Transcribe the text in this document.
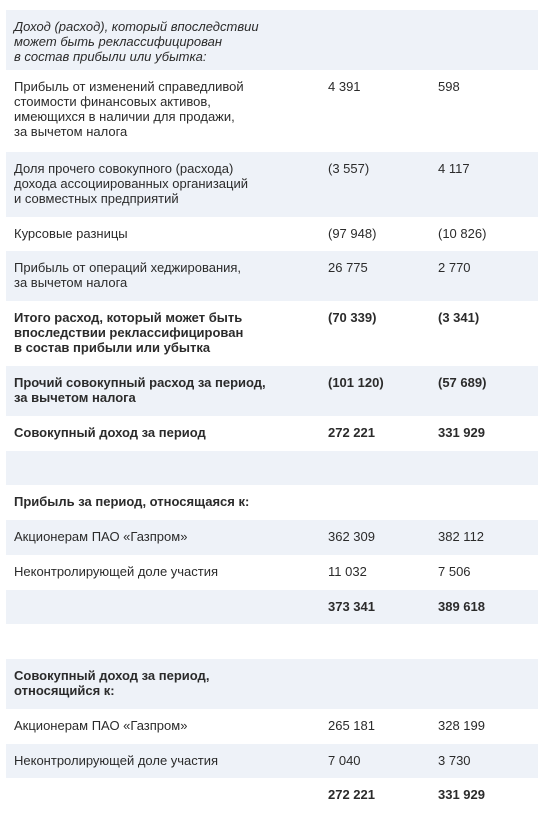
Доход (расход), который впоследствии
может быть реклассифицирован
в состав прибыли или убытка:
Прибыль от изменений справедливой
стоимости финансовых активов,
имеющихся в наличии для продажи,
за вычетом налога
4 391	598
Доля прочего совокупного (расхода)
дохода ассоциированных организаций
и совместных предприятий
(3 557)	4 117
Курсовые разницы	(97 948)	(10 826)
Прибыль от операций хеджирования,
за вычетом налога
26 775	2 770
Итого расход, который может быть
впоследствии реклассифицирован
в состав прибыли или убытка
(70 339)	(3 341)
Прочий совокупный расход за период,
за вычетом налога
(101 120)	(57 689)
Совокупный доход за период	272 221	331 929
Прибыль за период, относящаяся к:
Акционерам ПАО «Газпром»	362 309	382 112
Неконтролирующей доле участия	11 032	7 506
373 341	389 618
Совокупный доход за период,
относящийся к:
Акционерам ПАО «Газпром»	265 181	328 199
Неконтролирующей доле участия	7 040	3 730
272 221	331 929
